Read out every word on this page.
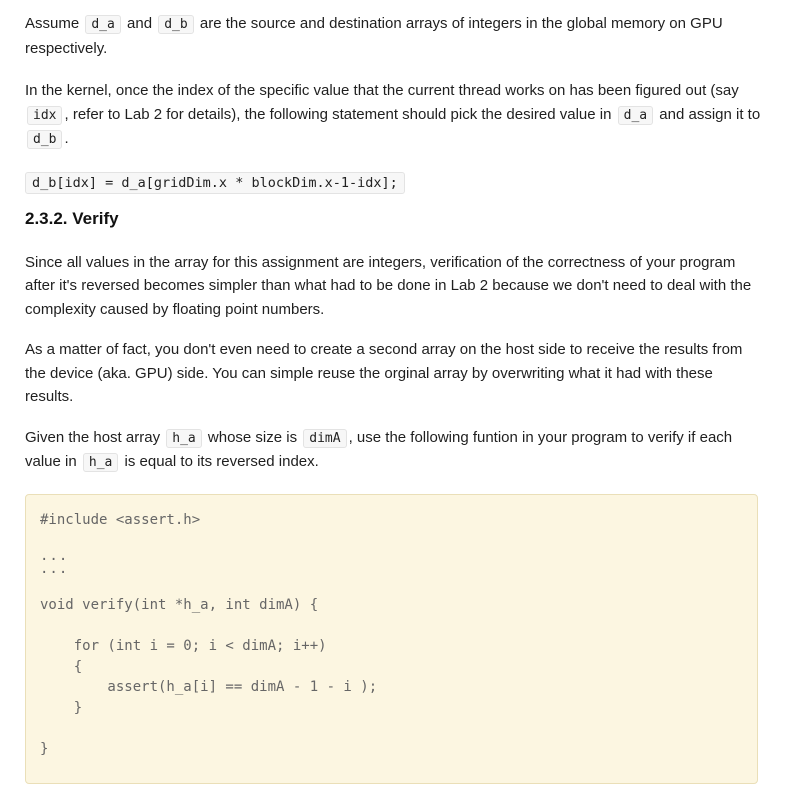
Assume d_a and d_b are the source and destination arrays of integers in the global memory on GPU respectively.

In the kernel, once the index of the specific value that the current thread works on has been figured out (say idx , refer to Lab 2 for details), the following statement should pick the desired value in d_a and assign it to d_b .

d_b[idx] = d_a[gridDim.x * blockDim.x-1-idx];
2.3.2. Verify

Since all values in the array for this assignment are integers, verification of the correctness of your program after it's reversed becomes simpler than what had to be done in Lab 2 because we don't need to deal with the complexity caused by floating point numbers.

As a matter of fact, you don't even need to create a second array on the host side to receive the results from the device (aka. GPU) side. You can simple reuse the orginal array by overwriting what it had with these results.

Given the host array h_a whose size is dimA , use the following funtion in your program to verify if each value in h_a is equal to its reversed index.

#include <assert.h>
...
...
void verify(int *h_a, int dimA) {
for (int i = 0; i < dimA; i++)
{
assert(h_a[i] == dimA - 1 - i );
}
}
